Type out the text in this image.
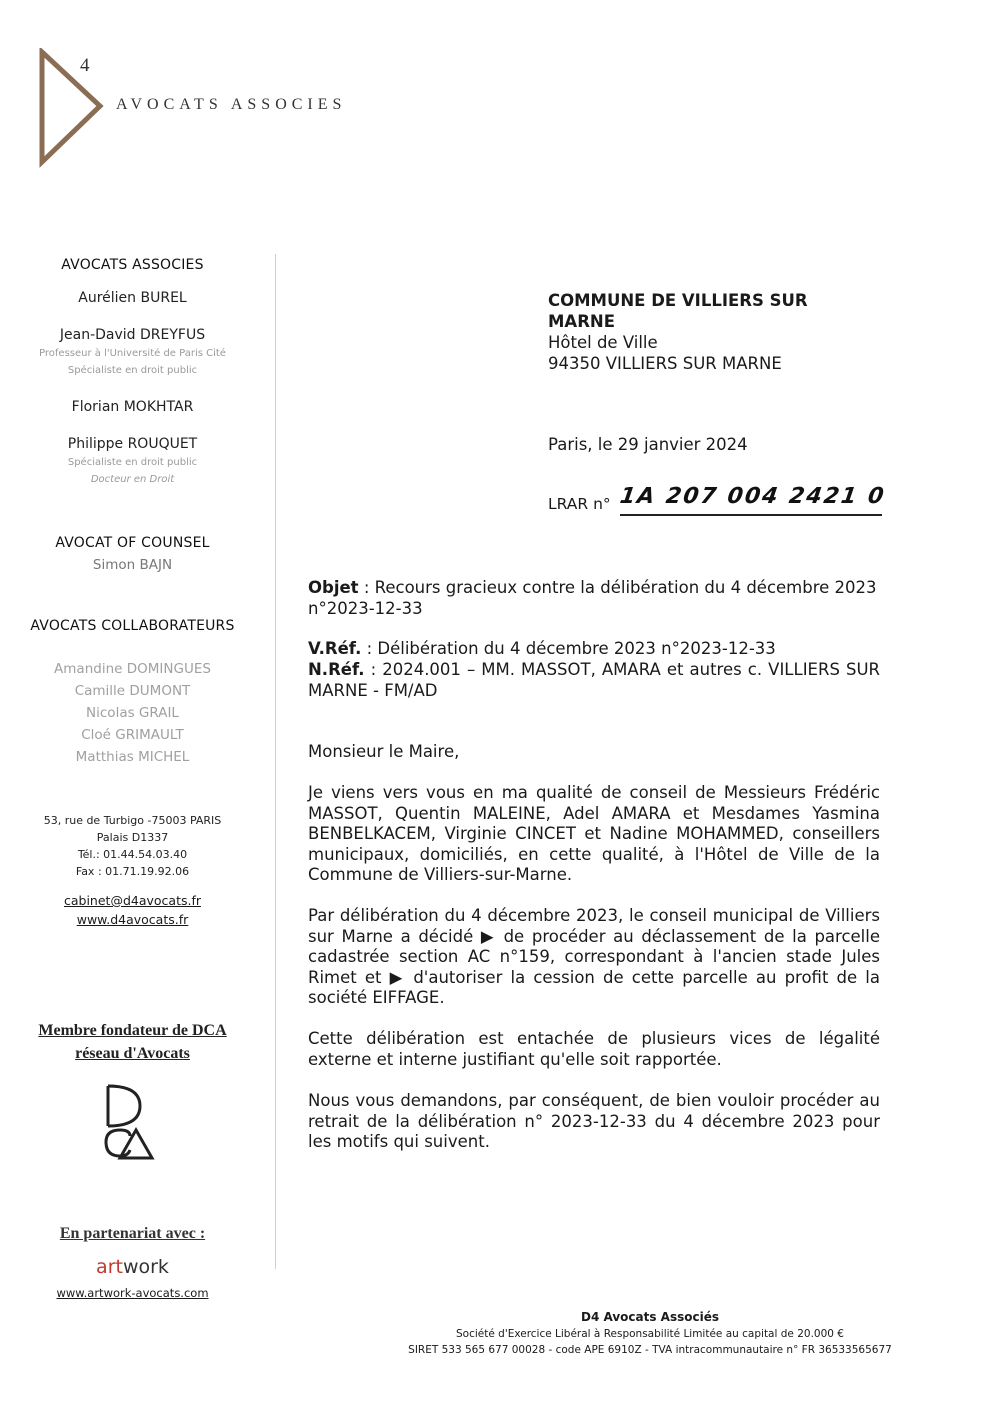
4
AVOCATS ASSOCIES
AVOCATS ASSOCIES
Aurélien BUREL
Jean-David DREYFUS
Professeur à l'Université de Paris Cité
Spécialiste en droit public
Florian MOKHTAR
Philippe ROUQUET
Spécialiste en droit public
Docteur en Droit
AVOCAT OF COUNSEL
Simon BAJN
AVOCATS COLLABORATEURS
Amandine DOMINGUES
Camille DUMONT
Nicolas GRAIL
Cloé GRIMAULT
Matthias MICHEL
53, rue de Turbigo -75003 PARIS
Palais D1337
Tél.: 01.44.54.03.40
Fax : 01.71.19.92.06
cabinet@d4avocats.fr
www.d4avocats.fr
Membre fondateur de DCA
réseau d'Avocats
En partenariat avec :
artwork
www.artwork-avocats.com
COMMUNE DE VILLIERS SUR
MARNE
Hôtel de Ville
94350 VILLIERS SUR MARNE
Paris, le 29 janvier 2024
LRAR n° 1A 207 004 2421 0
Objet : Recours gracieux contre la délibération du 4 décembre 2023 n°2023-12-33
V.Réf. : Délibération du 4 décembre 2023 n°2023-12-33
N.Réf. : 2024.001 – MM. MASSOT, AMARA et autres c. VILLIERS SUR MARNE - FM/AD
Monsieur le Maire,
Je viens vers vous en ma qualité de conseil de Messieurs Frédéric MASSOT, Quentin MALEINE, Adel AMARA et Mesdames Yasmina BENBELKACEM, Virginie CINCET et Nadine MOHAMMED, conseillers municipaux, domiciliés, en cette qualité, à l'Hôtel de Ville de la Commune de Villiers-sur-Marne.
Par délibération du 4 décembre 2023, le conseil municipal de Villiers sur Marne a décidé ▶ de procéder au déclassement de la parcelle cadastrée section AC n°159, correspondant à l'ancien stade Jules Rimet et ▶ d'autoriser la cession de cette parcelle au profit de la société EIFFAGE.
Cette délibération est entachée de plusieurs vices de légalité externe et interne justifiant qu'elle soit rapportée.
Nous vous demandons, par conséquent, de bien vouloir procéder au retrait de la délibération n° 2023-12-33 du 4 décembre 2023 pour les motifs qui suivent.
D4 Avocats Associés
Société d'Exercice Libéral à Responsabilité Limitée au capital de 20.000 €
SIRET 533 565 677 00028 - code APE 6910Z - TVA intracommunautaire n° FR 36533565677
